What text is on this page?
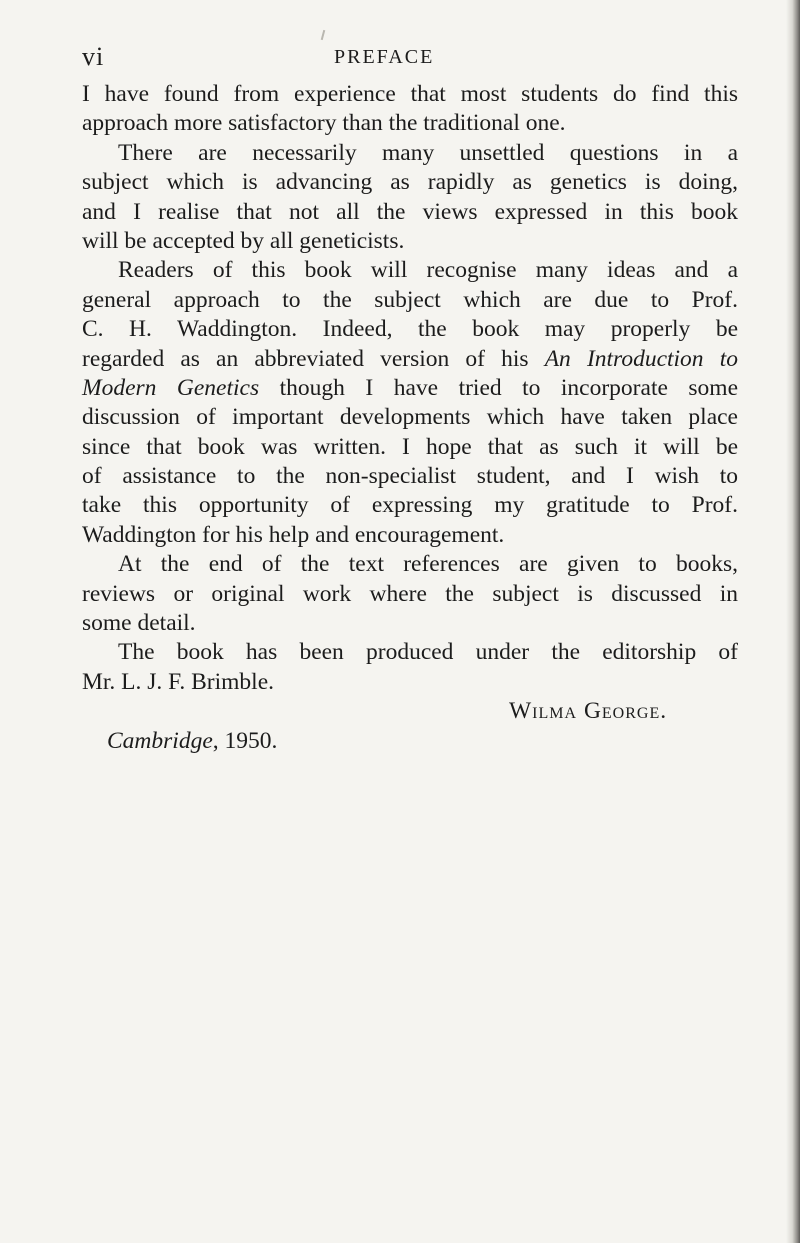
vi	PREFACE
I have found from experience that most students do find this
approach more satisfactory than the traditional one.
There are necessarily many unsettled questions in a
subject which is advancing as rapidly as genetics is doing,
and I realise that not all the views expressed in this book
will be accepted by all geneticists.
Readers of this book will recognise many ideas and a
general approach to the subject which are due to Prof.
C. H. Waddington. Indeed, the book may properly be
regarded as an abbreviated version of his An Introduction to
Modern Genetics though I have tried to incorporate some
discussion of important developments which have taken place
since that book was written. I hope that as such it will be
of assistance to the non-specialist student, and I wish to
take this opportunity of expressing my gratitude to Prof.
Waddington for his help and encouragement.
At the end of the text references are given to books,
reviews or original work where the subject is discussed in
some detail.
The book has been produced under the editorship of
Mr. L. J. F. Brimble.
Wilma George.
Cambridge, 1950.
